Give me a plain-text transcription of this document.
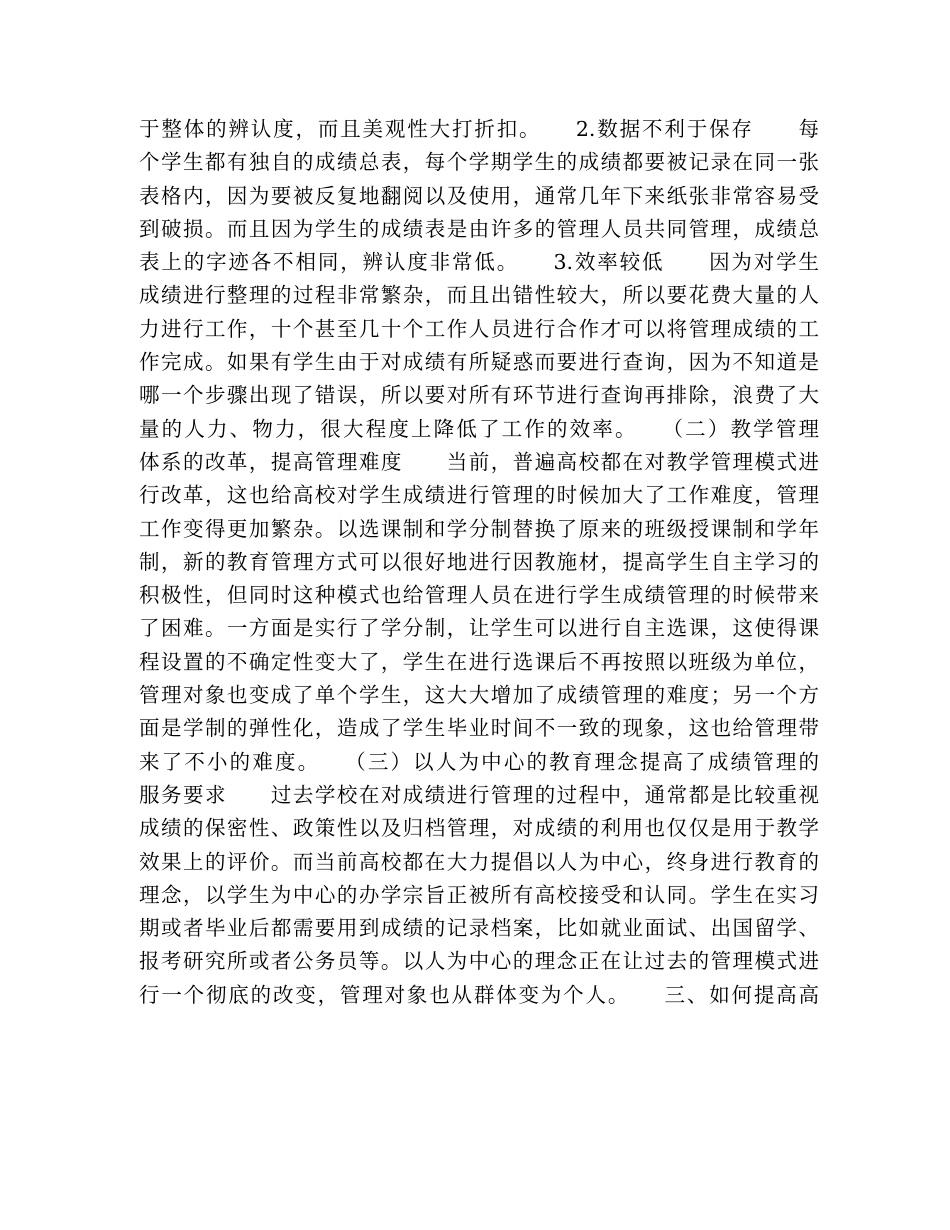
于整体的辨认度，而且美观性大打折扣。　　2.数据不利于保存　　每
个学生都有独自的成绩总表，每个学期学生的成绩都要被记录在同一张
表格内，因为要被反复地翻阅以及使用，通常几年下来纸张非常容易受
到破损。而且因为学生的成绩表是由许多的管理人员共同管理，成绩总
表上的字迹各不相同，辨认度非常低。　　3.效率较低　　因为对学生
成绩进行整理的过程非常繁杂，而且出错性较大，所以要花费大量的人
力进行工作，十个甚至几十个工作人员进行合作才可以将管理成绩的工
作完成。如果有学生由于对成绩有所疑惑而要进行查询，因为不知道是
哪一个步骤出现了错误，所以要对所有环节进行查询再排除，浪费了大
量的人力、物力，很大程度上降低了工作的效率。　　（二）教学管理
体系的改革，提高管理难度　　当前，普遍高校都在对教学管理模式进
行改革，这也给高校对学生成绩进行管理的时候加大了工作难度，管理
工作变得更加繁杂。以选课制和学分制替换了原来的班级授课制和学年
制，新的教育管理方式可以很好地进行因教施材，提高学生自主学习的
积极性，但同时这种模式也给管理人员在进行学生成绩管理的时候带来
了困难。一方面是实行了学分制，让学生可以进行自主选课，这使得课
程设置的不确定性变大了，学生在进行选课后不再按照以班级为单位，
管理对象也变成了单个学生，这大大增加了成绩管理的难度；另一个方
面是学制的弹性化，造成了学生毕业时间不一致的现象，这也给管理带
来了不小的难度。　　（三）以人为中心的教育理念提高了成绩管理的
服务要求　　过去学校在对成绩进行管理的过程中，通常都是比较重视
成绩的保密性、政策性以及归档管理，对成绩的利用也仅仅是用于教学
效果上的评价。而当前高校都在大力提倡以人为中心，终身进行教育的
理念，以学生为中心的办学宗旨正被所有高校接受和认同。学生在实习
期或者毕业后都需要用到成绩的记录档案，比如就业面试、出国留学、
报考研究所或者公务员等。以人为中心的理念正在让过去的管理模式进
行一个彻底的改变，管理对象也从群体变为个人。　　三、如何提高高
